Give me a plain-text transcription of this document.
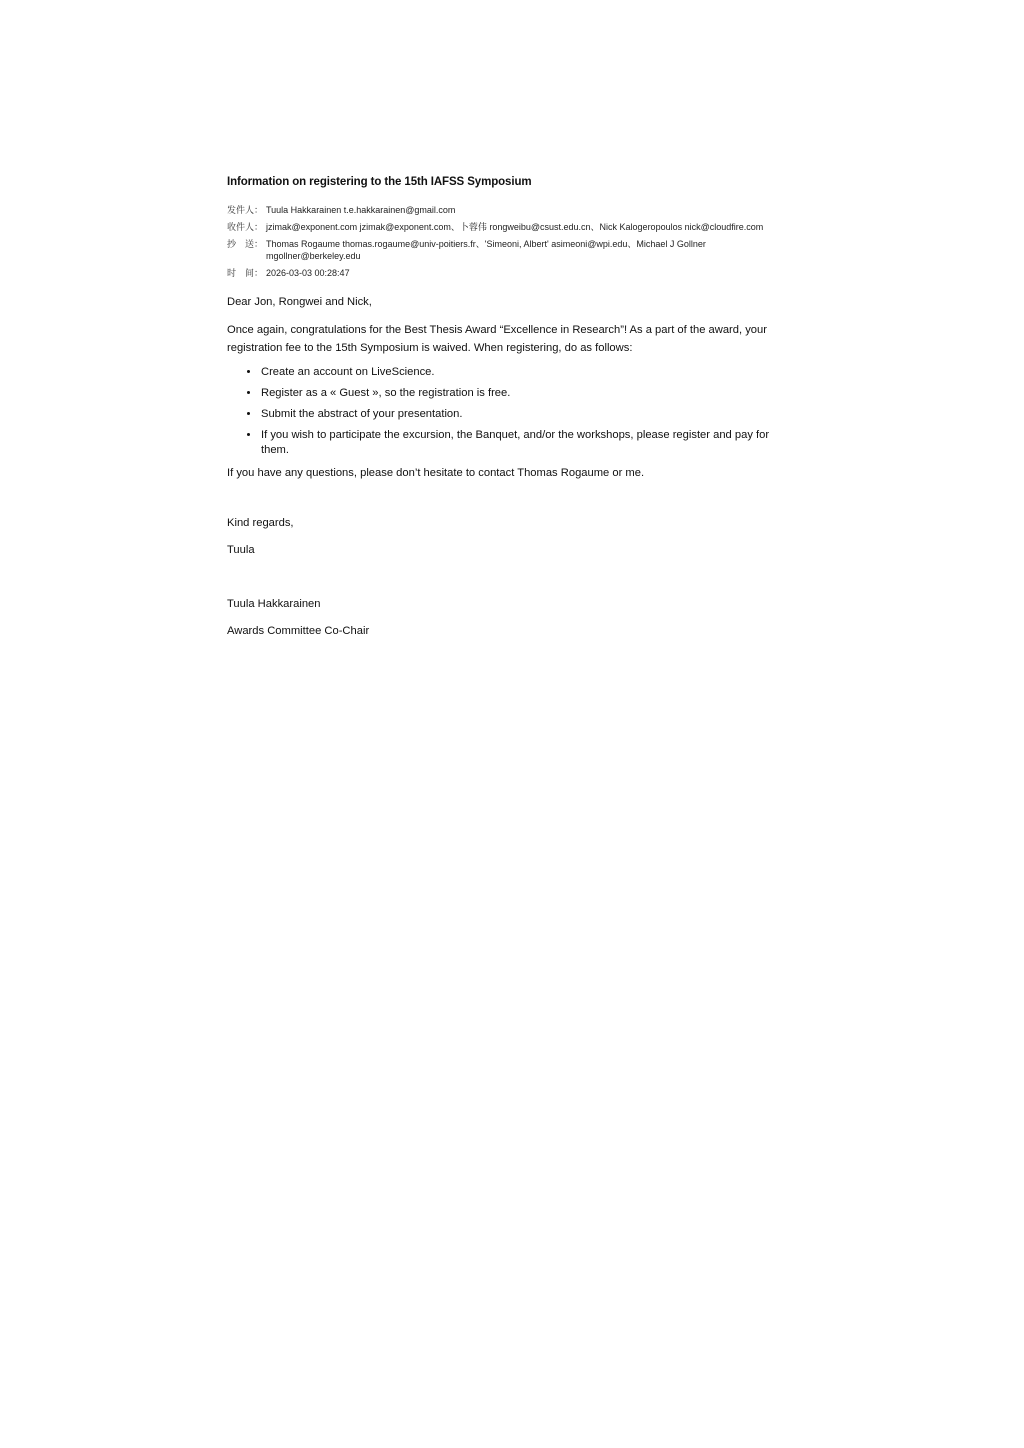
Information on registering to the 15th IAFSS Symposium
发件人： Tuula Hakkarainen t.e.hakkarainen@gmail.com
收件人： jzimak@exponent.com jzimak@exponent.com、卜蓉伟 rongweibu@csust.edu.cn、Nick Kalogeropoulos nick@cloudfire.com
抄　送： Thomas Rogaume thomas.rogaume@univ-poitiers.fr、'Simeoni, Albert' asimeoni@wpi.edu、Michael J Gollner mgollner@berkeley.edu
时　间： 2026-03-03 00:28:47

Dear Jon, Rongwei and Nick,

Once again, congratulations for the Best Thesis Award “Excellence in Research”! As a part of the award, your registration fee to the 15th Symposium is waived. When registering, do as follows:

• Create an account on LiveScience.
• Register as a « Guest », so the registration is free.
• Submit the abstract of your presentation.
• If you wish to participate the excursion, the Banquet, and/or the workshops, please register and pay for them.

If you have any questions, please don’t hesitate to contact Thomas Rogaume or me.

Kind regards,

Tuula

Tuula Hakkarainen

Awards Committee Co-Chair
